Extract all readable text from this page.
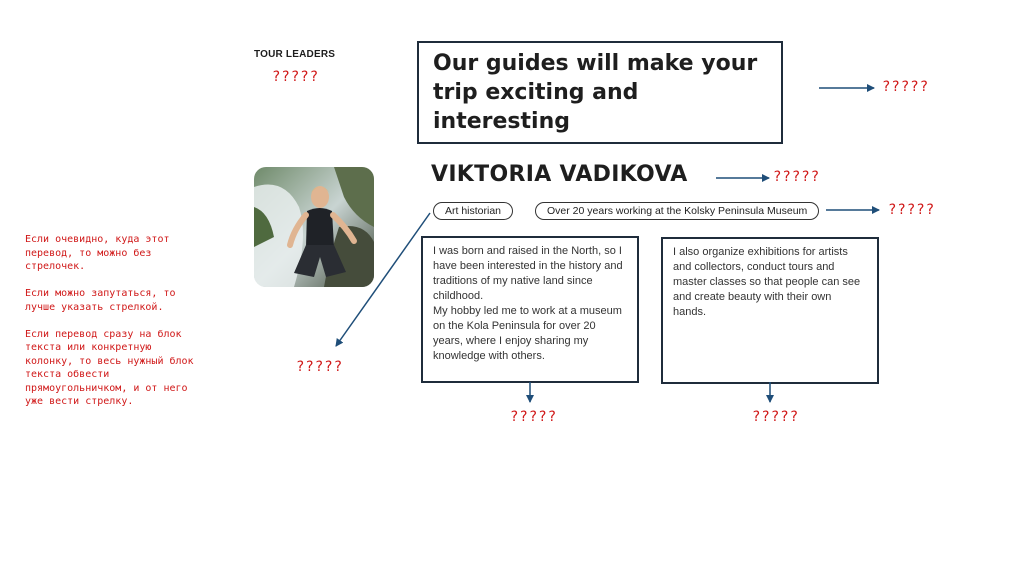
TOUR LEADERS
?????
Our guides will make your trip exciting and interesting
?????
VIKTORIA VADIKOVA	?????
Art historian	Over 20 years working at the Kolsky Peninsula Museum	?????
I was born and raised in the North, so I have been interested in the history and traditions of my native land since childhood.
My hobby led me to work at a museum on the Kola Peninsula for over 20 years, where I enjoy sharing my knowledge with others.
I also organize exhibitions for artists and collectors, conduct tours and master classes so that people can see and create beauty with their own hands.
?????
?????	?????
Если очевидно, куда этот перевод, то можно без стрелочек.

Если можно запутаться, то лучше указать стрелкой.

Если перевод сразу на блок текста или конкретную колонку, то весь нужный блок текста обвести прямоугольничком, и от него уже вести стрелку.
